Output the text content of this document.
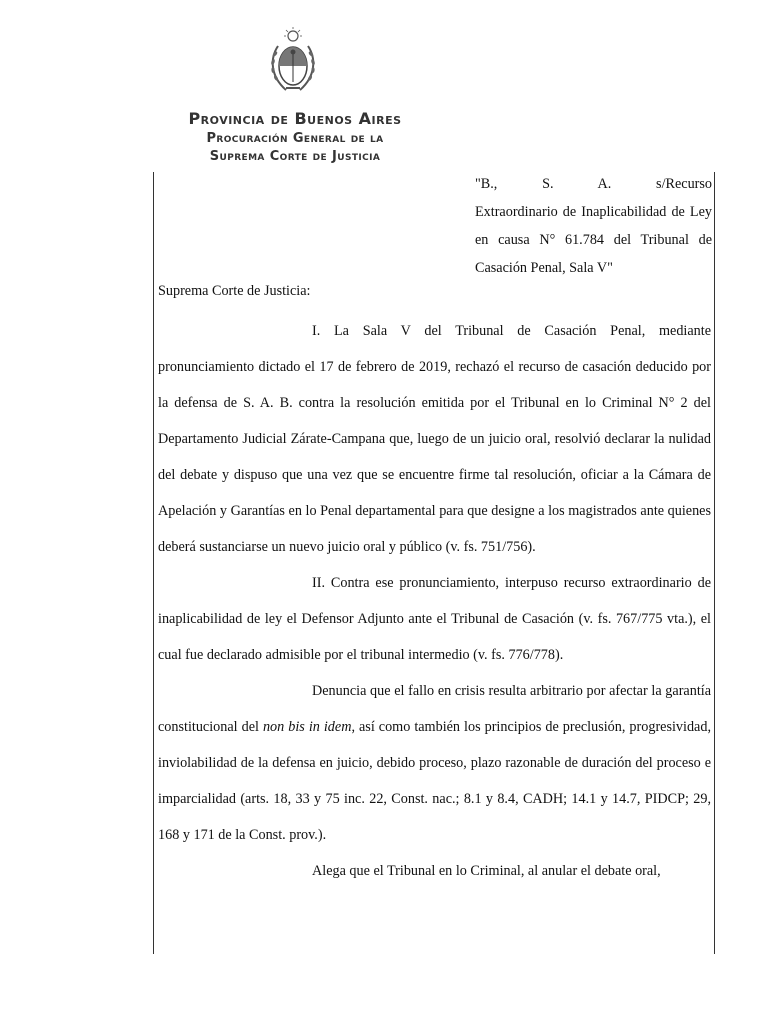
Provincia de Buenos Aires
Procuración General de la
Suprema Corte de Justicia
"B., S. A. s/Recurso
Extraordinario de Inaplicabilidad de Ley
en causa N° 61.784 del Tribunal de
Casación Penal, Sala V"
Suprema Corte de Justicia:

I. La Sala V del Tribunal de Casación Penal, mediante pronunciamiento dictado el 17 de febrero de 2019, rechazó el recurso de casación deducido por la defensa de S. A. B. contra la resolución emitida por el Tribunal en lo Criminal N° 2 del Departamento Judicial Zárate-Campana que, luego de un juicio oral, resolvió declarar la nulidad del debate y dispuso que una vez que se encuentre firme tal resolución, oficiar a la Cámara de Apelación y Garantías en lo Penal departamental para que designe a los magistrados ante quienes deberá sustanciarse un nuevo juicio oral y público (v. fs. 751/756).

II. Contra ese pronunciamiento, interpuso recurso extraordinario de inaplicabilidad de ley el Defensor Adjunto ante el Tribunal de Casación (v. fs. 767/775 vta.), el cual fue declarado admisible por el tribunal intermedio (v. fs. 776/778).

Denuncia que el fallo en crisis resulta arbitrario por afectar la garantía constitucional del non bis in idem, así como también los principios de preclusión, progresividad, inviolabilidad de la defensa en juicio, debido proceso, plazo razonable de duración del proceso e imparcialidad (arts. 18, 33 y 75 inc. 22, Const. nac.; 8.1 y 8.4, CADH; 14.1 y 14.7, PIDCP; 29, 168 y 171 de la Const. prov.).

Alega que el Tribunal en lo Criminal, al anular el debate oral,
